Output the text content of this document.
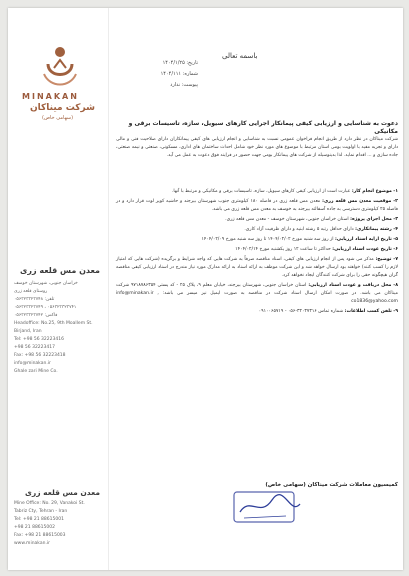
MINAKAN
شرکت میناکان
(سهامی خاص)
معدن مس قلعه زری
خراسان جنوبی، شهرستان خوسف
روستای قلعه زری
تلفن: ۰۵۶۳۲۳۳۲۳۷۴۸
۰۵۶۳۲۳۳۲۳۷۴۹ ، ۰۵۶۳۲۳۳۲۳۷۴۱
فاکس: ۰۵۶۳۲۳۳۲۳۷۴۲
Headoffice: No.25, 9th Moallem St.
Birjand, Iran
Tel: +98 56 32223416
+98 56 32223417
Fax: +98 56 32223418
info@minakan.ir
Ghale zari Mine Co.
معدن مس قلعه زری
Mine Office: No. 29, Vanakoi St.
Tabriz Cty, Tehran - Iran
Tel: +98 21 88615001
+98 21 88615002
Fax: +98 21 88615003
www.minakan.ir
باسمه تعالی
تاریخ: ۱۴۰۴/۱/۲۵
شماره: ۱۴۰۴/۱۱۱
پیوست: ندارد
دعوت به شناسایی و ارزیابی کیفی پیمانکار اجرایی کارهای سیویل، سازه، تاسیسات برقی و مکانیکی
شرکت میناکان در نظر دارد از طریق انجام فراخوان عمومی نسبت به شناسایی و انجام ارزیابی های کیفی پیمانکاران دارای صلاحیت فنی و مالی دارای و تجربه مفید با اولویت بومی استان مرتبط با موضوع های مورد نظر خود شامل احداث ساختمان های اداری، مسکونی، صنعتی و نیمه صنعتی، جاده سازی و ... اقدام نماید. لذا بدینوسیله از شرکت های پیمانکار بومی جهت حضور در فرایند فوق دعوت به عمل می آید.
۱- موضوع انجام کار: عبارت است از ارزیابی کیفی کارهای سیویل، سازه، تاسیسات برقی و مکانیکی و مرتبط با آنها.
۲- موقعیت معدن مس قلعه زری: معدن مس قلعه زری در فاصله ۱۸۰ کیلومتری جنوب شهرستان بیرجند و حاشیه کویر لوت قرار دارد و در فاصله ۲۵ کیلومتری دسترسی به جاده آسفالته بیرجند به خوسف به معدن مس قلعه زری می باشد.
۳- محل اجرای پروژه: استان خراسان جنوبی، شهرستان خوسف - معدن مس قلعه زری.
۴- رشته پیمانکاری: دارای حداقل رتبه ۵ رشته ابنیه و دارای ظرفیت آزاد کاری.
۵- تاریخ ارایه اسناد ارزیابی: از روز سه شنبه مورخ ۱۴۰۴/۰۲/۰۲ تا روز سه شنبه مورخ ۱۴۰۴/۰۲/۰۹
۶- تاریخ عودت اسناد ارزیابی: حداکثر تا ساعت ۱۲ روز یکشنبه مورخ ۱۴۰۴/۰۲/۱۴
۷- توضیح: مذکر می شود پس از انجام ارزیابی های کیفی، اسناد مناقصه صرفاً به شرکت هایی که واجد شرایط و برگزیده (شرکت هایی که امتیاز لازم را کسب کنند) خواهند بود ارسال خواهد شد و این شرکت موظف به ارائه اسناد به ارائه مدارک مورد نیاز مندرج در اسناد ارزیابی کیفی مناقصه گران هیچگونه حقی را برای شرکت کنندگان ایجاد نخواهد کرد.
۸- محل دریافت و عودت اسناد ارزیابی: استان خراسان جنوبی، شهرستان بیرجند، خیابان معلم ۹، پلاک ۲۵ - کد پستی ۹۷۱۸۷۸۶۳۵۴ شرکت میناکان می باشد. در صورت امکان ارسال اسناد شرکت در مناقصه به صورت ایمیل نیز میسر می باشد: info@minakan.ir , co1836@yahoo.com
۹- تلفن کسب اطلاعات: شماره تماس ۳۲۰۳۷۳۱۶-۰۵۶ - ۰۹۱۰۰۶۵۷۱۹
کمیسیون معاملات شرکت میناکان (سهامی خاص)
